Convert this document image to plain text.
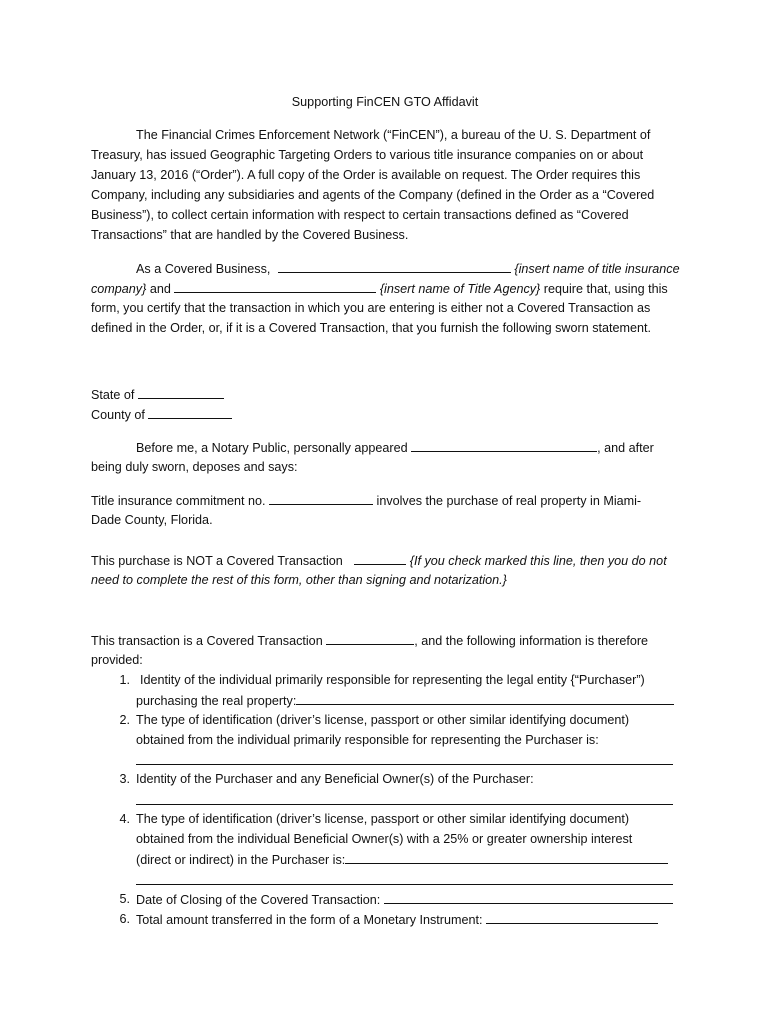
Supporting FinCEN GTO Affidavit
The Financial Crimes Enforcement Network (“FinCEN”), a bureau of the U. S. Department of
Treasury, has issued Geographic Targeting Orders to various title insurance companies on or about
January 13, 2016 (“Order”). A full copy of the Order is available on request. The Order requires this
Company, including any subsidiaries and agents of the Company (defined in the Order as a “Covered
Business”), to collect certain information with respect to certain transactions defined as “Covered
Transactions” that are handled by the Covered Business.
As a Covered Business,	{insert name of title insurance
company} and	{insert name of Title Agency} require that, using this
form, you certify that the transaction in which you are entering is either not a Covered Transaction as
defined in the Order, or, if it is a Covered Transaction, that you furnish the following sworn statement.
State of
County of
Before me, a Notary Public, personally appeared	, and after
being duly sworn, deposes and says:
Title insurance commitment no.	involves the purchase of real property in Miami-
Dade County, Florida.
This purchase is NOT a Covered Transaction	{If you check marked this line, then you do not
need to complete the rest of this form, other than signing and notarization.}
This transaction is a Covered Transaction	, and the following information is therefore
provided:
1. Identity of the individual primarily responsible for representing the legal entity {“Purchaser”)
purchasing the real property:
2. The type of identification (driver’s license, passport or other similar identifying document)
obtained from the individual primarily responsible for representing the Purchaser is:
3. Identity of the Purchaser and any Beneficial Owner(s) of the Purchaser:
4. The type of identification (driver’s license, passport or other similar identifying document)
obtained from the individual Beneficial Owner(s) with a 25% or greater ownership interest
(direct or indirect) in the Purchaser is:
5. Date of Closing of the Covered Transaction:
6. Total amount transferred in the form of a Monetary Instrument:
